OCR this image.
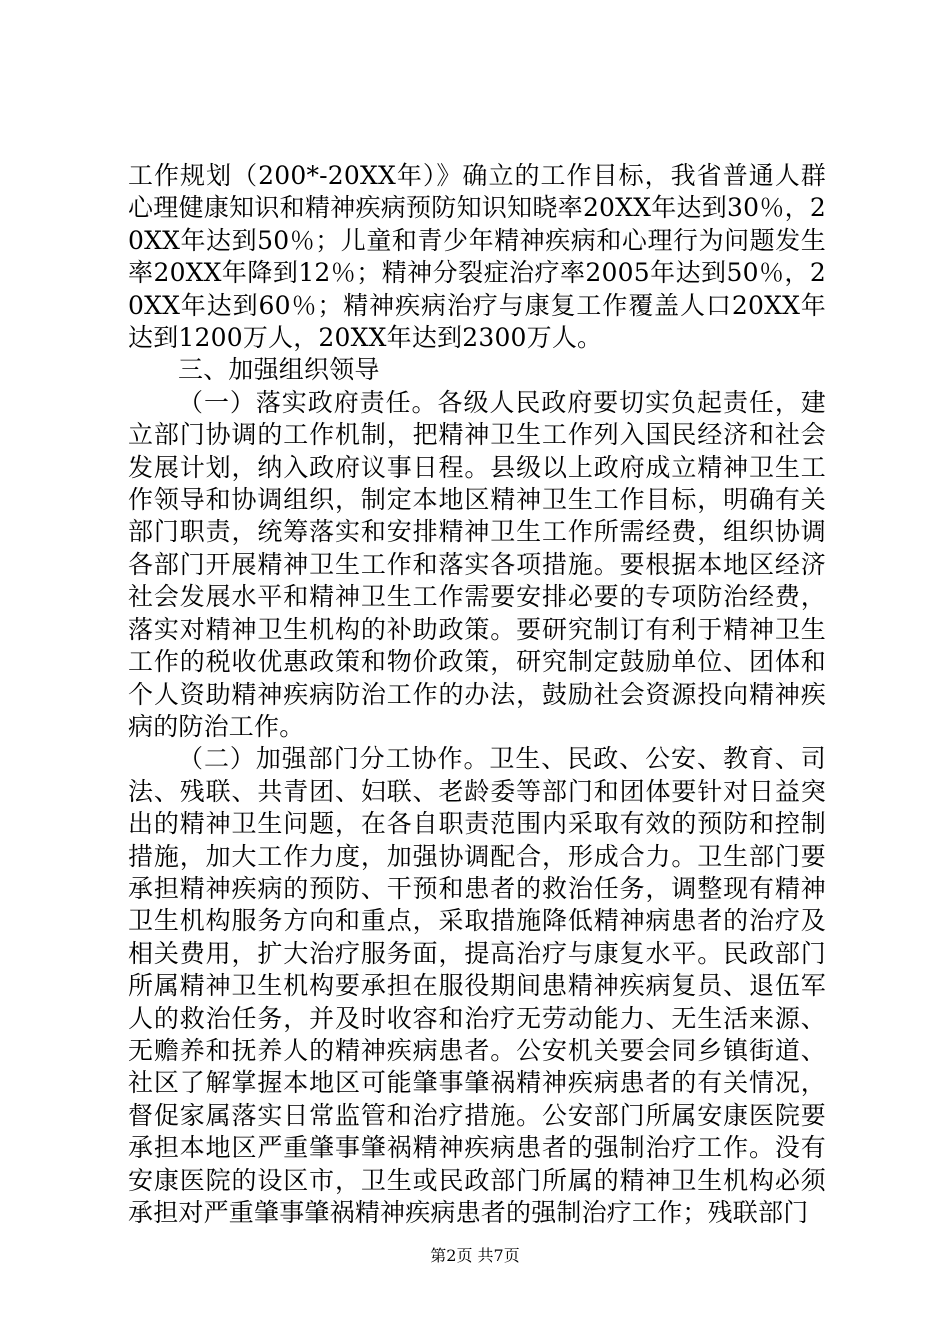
工作规划（200*-20XX年）》确立的工作目标，我省普通人群心理健康知识和精神疾病预防知识知晓率20XX年达到30％，20XX年达到50％；儿童和青少年精神疾病和心理行为问题发生率20XX年降到12％；精神分裂症治疗率2005年达到50％，20XX年达到60％；精神疾病治疗与康复工作覆盖人口20XX年达到1200万人，20XX年达到2300万人。

三、加强组织领导

（一）落实政府责任。各级人民政府要切实负起责任，建立部门协调的工作机制，把精神卫生工作列入国民经济和社会发展计划，纳入政府议事日程。县级以上政府成立精神卫生工作领导和协调组织，制定本地区精神卫生工作目标，明确有关部门职责，统筹落实和安排精神卫生工作所需经费，组织协调各部门开展精神卫生工作和落实各项措施。要根据本地区经济社会发展水平和精神卫生工作需要安排必要的专项防治经费，落实对精神卫生机构的补助政策。要研究制订有利于精神卫生工作的税收优惠政策和物价政策，研究制定鼓励单位、团体和个人资助精神疾病防治工作的办法，鼓励社会资源投向精神疾病的防治工作。

（二）加强部门分工协作。卫生、民政、公安、教育、司法、残联、共青团、妇联、老龄委等部门和团体要针对日益突出的精神卫生问题，在各自职责范围内采取有效的预防和控制措施，加大工作力度，加强协调配合，形成合力。卫生部门要承担精神疾病的预防、干预和患者的救治任务，调整现有精神卫生机构服务方向和重点，采取措施降低精神病患者的治疗及相关费用，扩大治疗服务面，提高治疗与康复水平。民政部门所属精神卫生机构要承担在服役期间患精神疾病复员、退伍军人的救治任务，并及时收容和治疗无劳动能力、无生活来源、无赡养和抚养人的精神疾病患者。公安机关要会同乡镇街道、社区了解掌握本地区可能肇事肇祸精神疾病患者的有关情况，督促家属落实日常监管和治疗措施。公安部门所属安康医院要承担本地区严重肇事肇祸精神疾病患者的强制治疗工作。没有安康医院的设区市，卫生或民政部门所属的精神卫生机构必须承担对严重肇事肇祸精神疾病患者的强制治疗工作；残联部门

第2页 共7页
